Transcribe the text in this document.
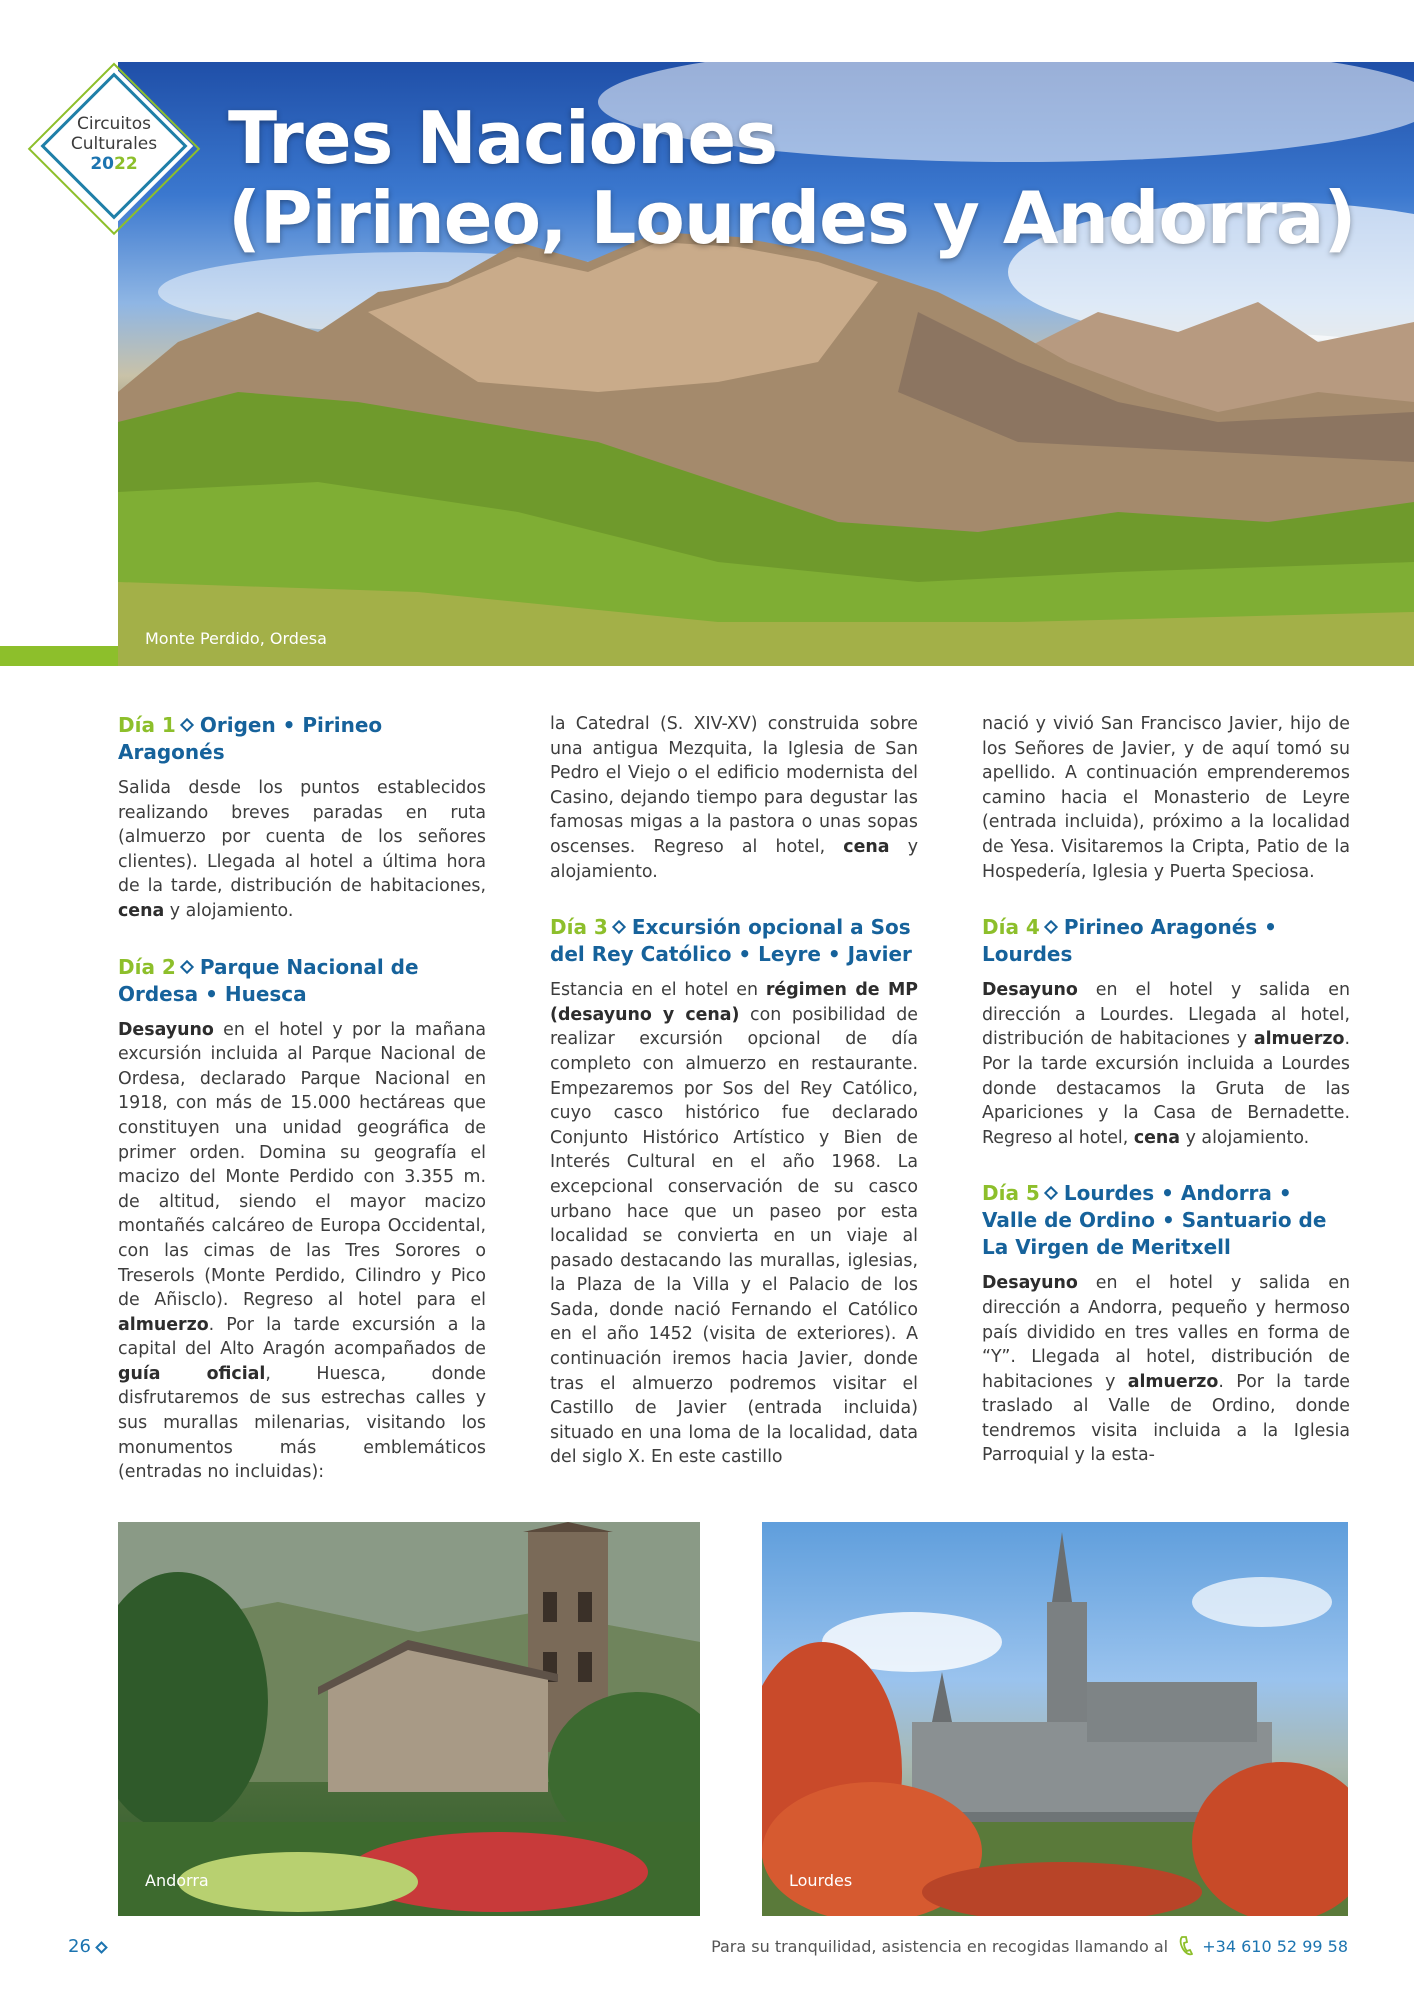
Monte Perdido, Ordesa
Circuitos
Culturales
2022	Tres Naciones
(Pirineo, Lourdes y Andorra)
Día 1 Origen • Pirineo Aragonés

Salida desde los puntos establecidos realizando breves paradas en ruta (almuerzo por cuenta de los señores clientes). Llegada al hotel a última hora de la tarde, distribución de habitaciones, cena y alojamiento.

Día 2 Parque Nacional de Ordesa • Huesca

Desayuno en el hotel y por la mañana excursión incluida al Parque Nacional de Ordesa, declarado Parque Nacional en 1918, con más de 15.000 hectáreas que constituyen una unidad geográfica de primer orden. Domina su geografía el macizo del Monte Perdido con 3.355 m. de altitud, siendo el mayor macizo montañés calcáreo de Europa Occidental, con las cimas de las Tres Sorores o Treserols (Monte Perdido, Cilindro y Pico de Añisclo). Regreso al hotel para el almuerzo. Por la tarde excursión a la capital del Alto Aragón acompañados de guía oficial, Huesca, donde disfrutaremos de sus estrechas calles y sus murallas milenarias, visitando los monumentos más emblemáticos (entradas no incluidas):

la Catedral (S. XIV-XV) construida sobre una antigua Mezquita, la Iglesia de San Pedro el Viejo o el edificio modernista del Casino, dejando tiempo para degustar las famosas migas a la pastora o unas sopas oscenses. Regreso al hotel, cena y alojamiento.

Día 3 Excursión opcional a Sos del Rey Católico • Leyre • Javier

Estancia en el hotel en régimen de MP (desayuno y cena) con posibilidad de realizar excursión opcional de día completo con almuerzo en restaurante. Empezaremos por Sos del Rey Católico, cuyo casco histórico fue declarado Conjunto Histórico Artístico y Bien de Interés Cultural en el año 1968. La excepcional conservación de su casco urbano hace que un paseo por esta localidad se convierta en un viaje al pasado destacando las murallas, iglesias, la Plaza de la Villa y el Palacio de los Sada, donde nació Fernando el Católico en el año 1452 (visita de exteriores). A continuación iremos hacia Javier, donde tras el almuerzo podremos visitar el Castillo de Javier (entrada incluida) situado en una loma de la localidad, data del siglo X. En este castillo

nació y vivió San Francisco Javier, hijo de los Señores de Javier, y de aquí tomó su apellido. A continuación emprenderemos camino hacia el Monasterio de Leyre (entrada incluida), próximo a la localidad de Yesa. Visitaremos la Cripta, Patio de la Hospedería, Iglesia y Puerta Speciosa.

Día 4 Pirineo Aragonés • Lourdes

Desayuno en el hotel y salida en dirección a Lourdes. Llegada al hotel, distribución de habitaciones y almuerzo. Por la tarde excursión incluida a Lourdes donde destacamos la Gruta de las Apariciones y la Casa de Bernadette. Regreso al hotel, cena y alojamiento.

Día 5 Lourdes • Andorra • Valle de Ordino • Santuario de La Virgen de Meritxell

Desayuno en el hotel y salida en dirección a Andorra, pequeño y hermoso país dividido en tres valles en forma de “Y”. Llegada al hotel, distribución de habitaciones y almuerzo. Por la tarde traslado al Valle de Ordino, donde tendremos visita incluida a la Iglesia Parroquial y la esta-

Andorra	Lourdes
26	Para su tranquilidad, asistencia en recogidas llamando al +34 610 52 99 58
